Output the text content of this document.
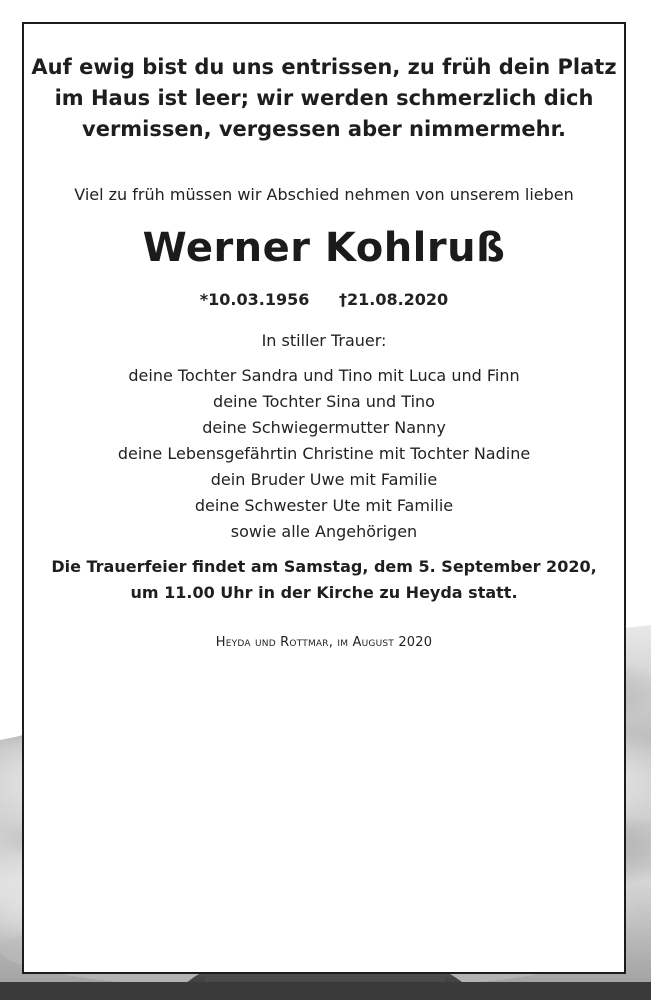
Auf ewig bist du uns entrissen, zu früh dein Platz
im Haus ist leer; wir werden schmerzlich dich
vermissen, vergessen aber nimmermehr.
Viel zu früh müssen wir Abschied nehmen von unserem lieben
Werner Kohlruß
*10.03.1956 †21.08.2020
In stiller Trauer:
deine Tochter Sandra und Tino mit Luca und Finn
deine Tochter Sina und Tino
deine Schwiegermutter Nanny
deine Lebensgefährtin Christine mit Tochter Nadine
dein Bruder Uwe mit Familie
deine Schwester Ute mit Familie
sowie alle Angehörigen
Die Trauerfeier findet am Samstag, dem 5. September 2020,
um 11.00 Uhr in der Kirche zu Heyda statt.
Heyda und Rottmar, im August 2020
